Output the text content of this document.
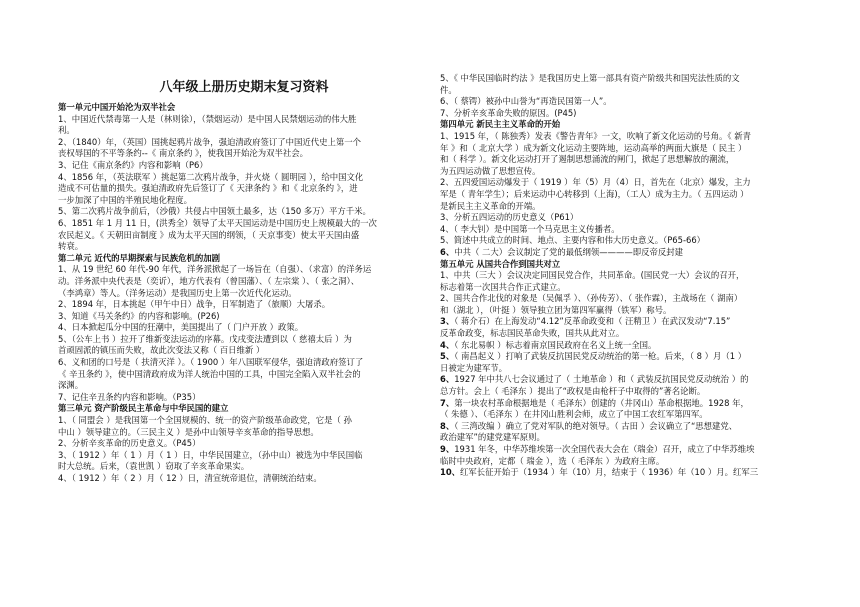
八年级上册历史期末复习资料

第一单元中国开始沦为双半社会

1、中国近代禁毒第一人是（林则徐），（禁烟运动）是中国人民禁烟运动的伟大胜

利。

2、（1840）年，（英国）国挑起鸦片战争，强迫清政府签订了中国近代史上第一个

丧权辱国的不平等条约--《 南京条约 》，使我国开始沦为双半社会。

3、记住《南京条约》内容和影响（P6）

4、1856 年，（英法联军 ）挑起第二次鸦片战争，并火烧（ 圆明园 ），给中国文化

造成不可估量的损失。强迫清政府先后签订了《 天津条约 》和《 北京条约 》，进

一步加深了中国的半殖民地化程度。

5、第二次鸦片战争前后，（沙俄）共侵占中国领土最多，达（150 多万）平方千米。

6、1851 年 1 月 11 日，(洪秀全）领导了太平天国运动是中国历史上规模最大的一次

农民起义。《 天朝田亩制度 》成为太平天国的纲领，（ 天京事变）使太平天国由盛

转衰。

第二单元 近代的早期探索与民族危机的加剧

1、从 19 世纪 60 年代-90 年代，洋务派掀起了一场旨在（自强）、（求富）的洋务运

动。洋务派中央代表是（奕䜣），地方代表有（曾国藩）、（ 左宗棠 ）、（ 张之洞）、

（李鸿章）等人。（洋务运动）是我国历史上第一次近代化运动。

2、1894 年，日本挑起（甲午中日）战争，日军制造了（旅顺）大屠杀。

3、知道《马关条约》的内容和影响。(P26)

4、日本掀起瓜分中国的狂潮中，美国提出了（ 门户开放 ）政策。

5、（公车上书 ）拉开了维新变法运动的序幕。戊戌变法遭到以（ 慈禧太后 ）为

首顽固派的镇压而失败，故此次变法又称（ 百日维新 ）

6、义和团的口号是（ 扶清灭洋 ）。（ 1900 ）年八国联军侵华，强迫清政府签订了

《 辛丑条约 》，使中国清政府成为洋人统治中国的工具，中国完全陷入双半社会的

深渊。

7、记住辛丑条约内容和影响。（P35）

第三单元 资产阶级民主革命与中华民国的建立

1、（ 同盟会 ）是我国第一个全国规模的、统一的资产阶级革命政党，它是（ 孙

中山 ）领导建立的。（三民主义 ）是孙中山领导辛亥革命的指导思想。

2、分析辛亥革命的历史意义。（P45）

3、（ 1912 ）年（ 1 ）月（ 1 ）日，中华民国建立，（孙中山）被选为中华民国临

时大总统。后来，（袁世凯 ）窃取了辛亥革命果实。

4、（ 1912 ）年（ 2 ）月（ 12 ）日，清宣统帝退位，清朝统治结束。

5、《 中华民国临时约法 》是我国历史上第一部具有资产阶级共和国宪法性质的文

件。

6、（ 蔡锷）被孙中山誉为“再造民国第一人”。

7、分析辛亥革命失败的原因。(P45)

第四单元 新民主主义革命的开始

1、1915 年，（ 陈独秀）发表《警告青年》一文，吹响了新文化运动的号角。《 新青

年 》和（ 北京大学 ）成为新文化运动主要阵地，运动高举的两面大旗是（ 民主 ）

和（ 科学 ）。新文化运动打开了遏制思想涌流的闸门，掀起了思想解放的潮流，

为五四运动做了思想宣传。

2、五四爱国运动爆发于（ 1919 ）年（5）月（4）日，首先在（北京）爆发，主力

军是（ 青年学生）；后来运动中心转移到（上海)，（工人）成为主力。（ 五四运动 ）

是新民主主义革命的开端。

3、分析五四运动的历史意义（P61）

4、（ 李大钊）是中国第一个马克思主义传播者。

5、简述中共成立的时间、地点、主要内容和伟大历史意义。（P65-66）

6、中共（ 二大）会议制定了党的最低纲领————即反帝反封建

第五单元 从国共合作到国共对立

1、中共（三大 ）会议决定同国民党合作，共同革命。(国民党一大）会议的召开，

标志着第一次国共合作正式建立。

2、国共合作北伐的对象是（吴佩孚 ）、（孙传芳）、（ 张作霖），主战场在（ 湖南）

和（湖北 ），（叶挺 ）领导独立团为第四军赢得（铁军）称号。

3、（ 蒋介石）在上海发动“4.12”反革命政变和（ 汪精卫 ）在武汉发动“7.15”

反革命政变，标志国民革命失败，国共从此对立。

4、（ 东北易帜 ）标志着南京国民政府在名义上统一全国。

5、（ 南昌起义 ）打响了武装反抗国民党反动统治的第一枪。后来，（ 8 ）月（1 ）

日被定为建军节。

6、1927 年中共八七会议通过了（ 土地革命 ）和（ 武装反抗国民党反动统治 ）的

总方针。会上（ 毛泽东 ）提出了“政权是由枪杆子中取得的”著名论断。

7、第一块农村革命根据地是（ 毛泽东）创建的（井冈山）革命根据地。1928 年，

（ 朱德 ）、（毛泽东 ）在井冈山胜利会师，成立了中国工农红军第四军。

8、（ 三湾改编 ）确立了党对军队的绝对领导。（ 古田 ）会议确立了“思想建党、

政治建军”的建党建军原则。

9、1931 年冬，中华苏维埃第一次全国代表大会在（瑞金）召开，成立了中华苏维埃

临时中央政府，定都（ 瑞金 ），选（ 毛泽东 ）为政府主席。

10、红军长征开始于（1934 ）年（10）月，结束于（ 1936）年（10 ）月。红军三
